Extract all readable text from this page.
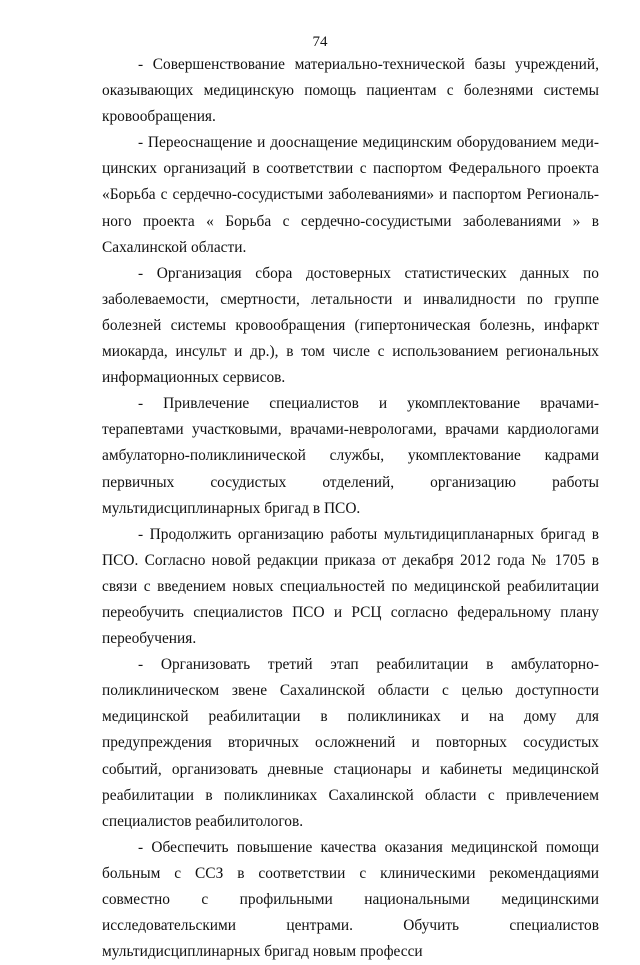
74

- Совершенствование материально-технической базы учреждений, оказывающих медицинскую помощь пациентам с болезнями системы кровообращения.

- Переоснащение и дооснащение медицинским оборудованием медицинских организаций в соответствии с паспортом Федерального проекта «Борьба с сердечно-сосудистыми заболеваниями» и паспортом Регионального проекта « Борьба с сердечно-сосудистыми заболеваниями » в Сахалинской области.

- Организация сбора достоверных статистических данных по заболеваемости, смертности, летальности и инвалидности по группе болезней системы кровообращения (гипертоническая болезнь, инфаркт миокарда, инсульт и др.), в том числе с использованием региональных информационных сервисов.

- Привлечение специалистов и укомплектование врачами-терапевтами участковыми, врачами-неврологами, врачами кардиологами амбулаторно-поликлинической службы, укомплектование кадрами первичных сосудистых отделений, организацию работы мультидисциплинарных бригад в ПСО.

- Продолжить организацию работы мультидиципланарных бригад в ПСО. Согласно новой редакции приказа от декабря 2012 года № 1705 в связи с введением новых специальностей по медицинской реабилитации переобучить специалистов ПСО и РСЦ согласно федеральному плану переобучения.

- Организовать третий этап реабилитации в амбулаторно-поликлиническом звене Сахалинской области с целью доступности медицинской реабилитации в поликлиниках и на дому для предупреждения вторичных осложнений и повторных сосудистых событий, организовать дневные стационары и кабинеты медицинской реабилитации в поликлиниках Сахалинской области с привлечением специалистов реабилитологов.

- Обеспечить повышение качества оказания медицинской помощи больным с ССЗ в соответствии с клиническими рекомендациями совместно с профильными национальными медицинскими исследовательскими центрами. Обучить специалистов мультидисциплинарных бригад новым професси
